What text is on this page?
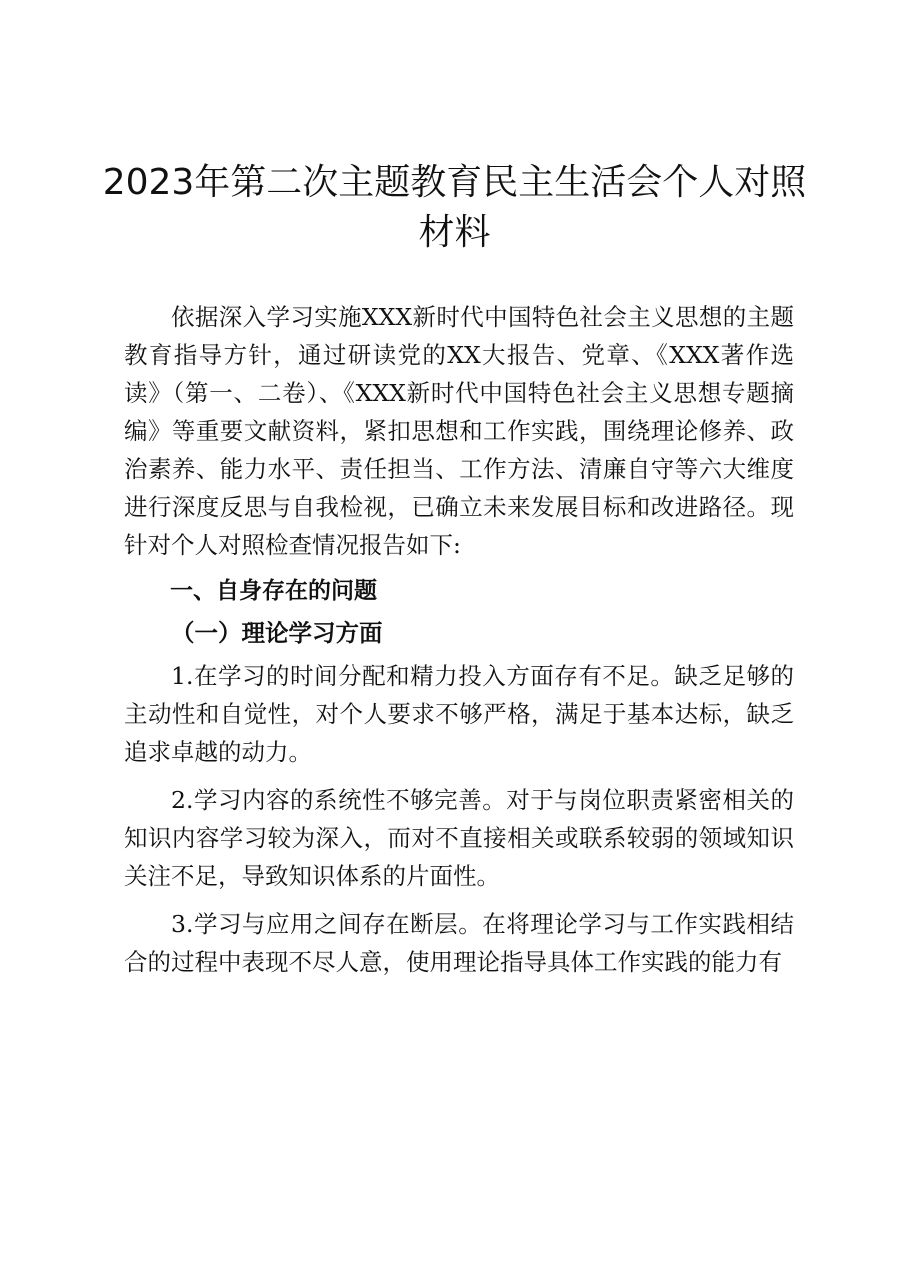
2023年第二次主题教育民主生活会个人对照材料

依据深入学习实施XXX新时代中国特色社会主义思想的主题教育指导方针，通过研读党的XX大报告、党章、《XXX著作选读》（第一、二卷）、《XXX新时代中国特色社会主义思想专题摘编》等重要文献资料，紧扣思想和工作实践，围绕理论修养、政治素养、能力水平、责任担当、工作方法、清廉自守等六大维度进行深度反思与自我检视，已确立未来发展目标和改进路径。现针对个人对照检查情况报告如下:

一、自身存在的问题

（一）理论学习方面

1.在学习的时间分配和精力投入方面存有不足。缺乏足够的主动性和自觉性，对个人要求不够严格，满足于基本达标，缺乏追求卓越的动力。

2.学习内容的系统性不够完善。对于与岗位职责紧密相关的知识内容学习较为深入，而对不直接相关或联系较弱的领域知识关注不足，导致知识体系的片面性。

3.学习与应用之间存在断层。在将理论学习与工作实践相结合的过程中表现不尽人意，使用理论指导具体工作实践的能力有
